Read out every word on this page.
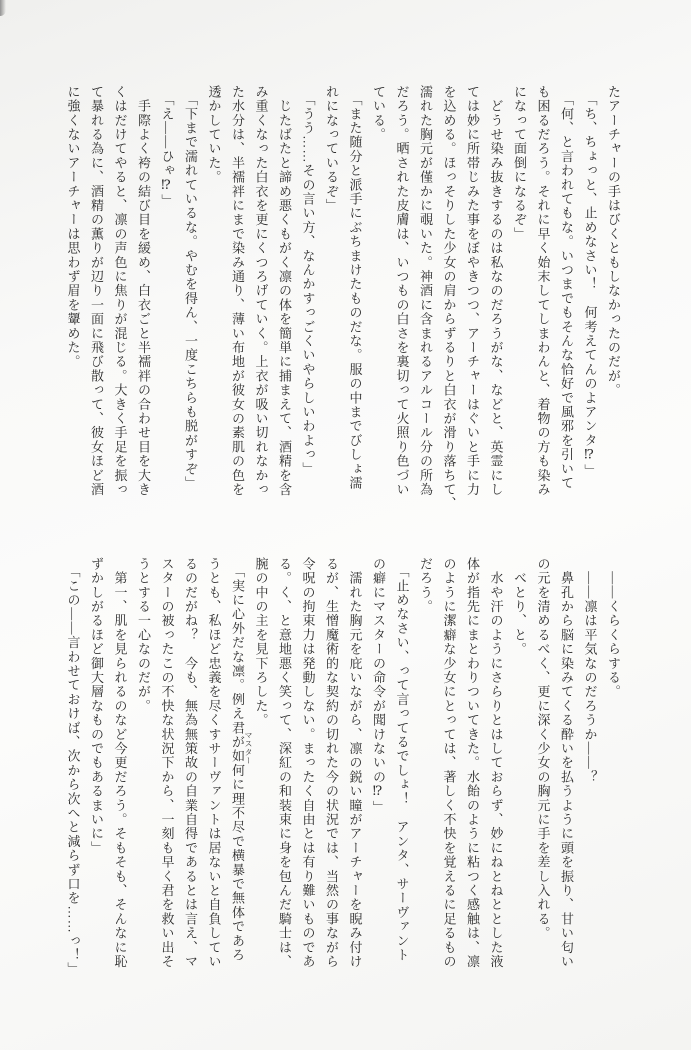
たアーチャーの手はびくともしなかったのだが。
　「ち、ちょっと、止めなさい！　何考えてんのよアンタ⁉」
　「何、と言われてもな。いつまでもそんな恰好で風邪を引いて
も困るだろう。それに早く始末してしまわんと、着物の方も染み
になって面倒になるぞ」
　どうせ染み抜きするのは私なのだろうがな、などと、英霊にし
ては妙に所帯じみた事をぼやきつつ、アーチャーはぐいと手に力
を込める。ほっそりした少女の肩からずるりと白衣が滑り落ちて、
濡れた胸元が僅かに覗いた。神酒に含まれるアルコール分の所為
だろう。晒された皮膚は、いつもの白さを裏切って火照り色づい
ている。
　「また随分と派手にぶちまけたものだな。服の中までびしょ濡
れになっているぞ」
　「うう……その言い方、なんかすっごくいやらしいわよっ」
　じたばたと諦め悪くもがく凛の体を簡単に捕まえて、酒精を含
み重くなった白衣を更にくつろげていく。上衣が吸い切れなかっ
た水分は、半襦袢にまで染み通り、薄い布地が彼女の素肌の色を
透かしていた。
　「下まで濡れているな。やむを得ん、一度こちらも脱がすぞ」
　「え――ひゃ⁉」
　手際よく袴の結び目を緩め、白衣ごと半襦袢の合わせ目を大き
くはだけてやると、凛の声色に焦りが混じる。大きく手足を振っ
て暴れる為に、酒精の薫りが辺り一面に飛び散って、彼女ほど酒
に強くないアーチャーは思わず眉を顰めた。
　――くらくらする。
　――凛は平気なのだろうか――？
　鼻孔から脳に染みてくる酔いを払うように頭を振り、甘い匂い
の元を清めるべく、更に深く少女の胸元に手を差し入れる。
　べとり、と。
　水や汗のようにさらりとはしておらず、妙にねとねととした液
体が指先にまとわりついてきた。水飴のように粘つく感触は、凛
のように潔癖な少女にとっては、著しく不快を覚えるに足るもの
だろう。
　「止めなさい、って言ってるでしょ！　アンタ、サーヴァント
の癖にマスターの命令が聞けないの⁉」
　濡れた胸元を庇いながら、凛の鋭い瞳がアーチャーを睨み付け
るが、生憎魔術的な契約の切れた今の状況では、当然の事ながら
令呪の拘束力は発動しない。まったく自由とは有り難いものであ
る。く、と意地悪く笑って、深紅の和装束に身を包んだ騎士は、
腕の中の主を見下ろした。
　「実に心外だな凛。例え君が如何に理不尽で横暴で無体であろ
うとも、私ほど忠義を尽くすサーヴァントは居ないと自負してい
るのだがね？　今も、無為無策故の自業自得であるとは言え、マ
スターの被ったこの不快な状況下から、一刻も早く君を救い出そ
うとする一心なのだが。
　第一、肌を見られるのなど今更だろう。そもそも、そんなに恥
ずかしがるほど御大層なものでもあるまいに」
　「この――言わせておけば、次から次へと減らず口を……っ！」	マスター
